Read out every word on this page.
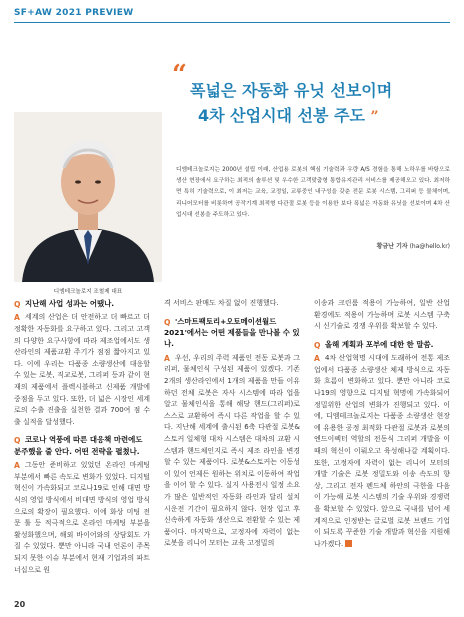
SF+AW 2021 PREVIEW
디엠테크놀로지 조철제 대표
“
폭넓은 자동화 유닛 선보이며
4차 산업시대 선봉 주도 ”

디엠테크놀로지는 2000년 설립 이래, 산업용 로봇의 핵심 기술력과 우량 A/S 경험을 통해 노하우를 바탕으로 생산 현장에서 요구하는 최적의 솔루션 및 우수한 고객맞춤형 통합유지관리 서비스를 제공해오고 있다. 최저하면 특히 기술력으로, 이 최저는 교육, 교정일, 교류중인 내구성을 갖춘 전문 로봇 시스템, 그리퍼 등 물체이며, 리니어모터를 비롯하여 공작기계 최적형 다관절 로봇 등을 이용한 보다 폭넓은 자동화 유닛을 선보이며 4차 산업시대 선봉을 주도하고 있다.

황금난 기자 (ha@hello.kr)

Q 지난해 사업 성과는 어땠나.

A 세계의 산업은 더 안전하고 더 빠르고 더 정확한 자동화를 요구하고 있다. 그리고 고객의 다양한 요구사항에 따라 제조업에서도 생산라인의 제품교환 주기가 점점 짧아지고 있다. 이에 우리는 다품종 소량생산에 대응할 수 있는 로봇, 직교로봇, 그리퍼 등과 같이 현재의 제품에서 플렉시블하고 신제품 개발에 중점을 두고 있다. 또한, 더 넓은 시장인 세계로의 수출 진출을 실천한 결과 700여 점 수출 실적을 달성했다.

Q 코로나 역풍에 따른 대응책 마련에도 분주했을 줄 안다. 어떤 전략을 펼쳤나.

A 그동안 준비하고 있었던 온라인 마케팅 부분에서 빠른 속도로 변화가 있었다. 디지털 혁신이 가속화되고 코로나19로 인해 대면 방식의 영업 방식에서 비대면 방식의 영업 방식으로의 확장이 필요했다. 이에 화상 미팅 전문 툴 등 적극적으로 온라인 마케팅 부분을 활성화했으며, 해외 바이어와의 상담회도 가질 수 있었다. 뿐만 아니라 국내 언론이 주목되지 못한 이슈 부분에서 현재 기업과의 파트너십으로 원

격 서비스 판매도 차질 없이 진행했다.

Q '스마트팩토리+오토메이션월드 2021'에서는 어떤 제품들을 만나볼 수 있나.

A 우선, 우리의 주력 제품인 전동 로봇과 그리퍼, 물체인식 구성된 제품이 있겠다. 기존 2개의 생산라인에서 1개의 제품을 만들 이유하던 전체 로봇은 자사 시스템에 따라 업을 알고 물체인식을 통해 해당 핸드(그리퍼)로 스스로 교환하여 즉시 다른 작업을 할 수 있다. 지난해 세계에 출시된 6축 다관절 로봇&스토커 일체형 대차 시스템은 대차의 교환 시스템과 핸드체인지로 즉시 제조 라인을 변경할 수 있는 제품이다. 로봇&스토커는 이동성이 있어 언제든 원하는 위치로 이동하여 작업을 이어 할 수 있다. 실지 사용전시 일정 소요가 많은 일반적인 자동화 라인과 달리 설치 시운전 기간이 필요하지 않다. 현장 입고 후 신속하게 자동화 생산으로 전환할 수 있는 제품이다. 마지막으로, 고정자에 자력이 없는 로봇을 리니어 모터는 교육 고정밀의

이송과 크린룸 적용이 가능하여, 일반 산업 환경에도 적용이 가능하며 로봇 시스템 구축 시 신기술로 경쟁 우위를 확보할 수 있다.

Q 올해 계획과 포부에 대한 한 말씀.

A 4차 산업혁명 시대에 도래하여 전통 제조업에서 다품종 소량생산 체제 방식으로 자동화 흐름이 변화하고 있다. 뿐만 아니라 코로나19의 영향으로 디지털 혁명에 가속화되어 정밀위한 산업의 변화가 진행되고 있다. 이에, 디엠테크놀로지는 다품종 소량생산 현장에 유용한 공정 최적화 다관절 로봇과 로봇의 엔드이펙터 역할의 전동식 그리퍼 개발을 이때의 혁신이 이뤄오고 육성해나갈 계획이다. 또한, 고정자에 자력이 없는 리니어 모터의 개발 기술은 로봇 정밀도와 이송 속도의 향상, 그리고 전자 펜드체 하안의 극한을 다음이 가능해 로봇 시스템의 기술 우위와 경쟁력을 확보할 수 있었다. 앞으로 국내를 넘어 세계적으로 인정받는 글로벌 로봇 브랜드 기업이 되도록 꾸준한 기술 개발과 혁신을 지원해 나가겠다.

20
